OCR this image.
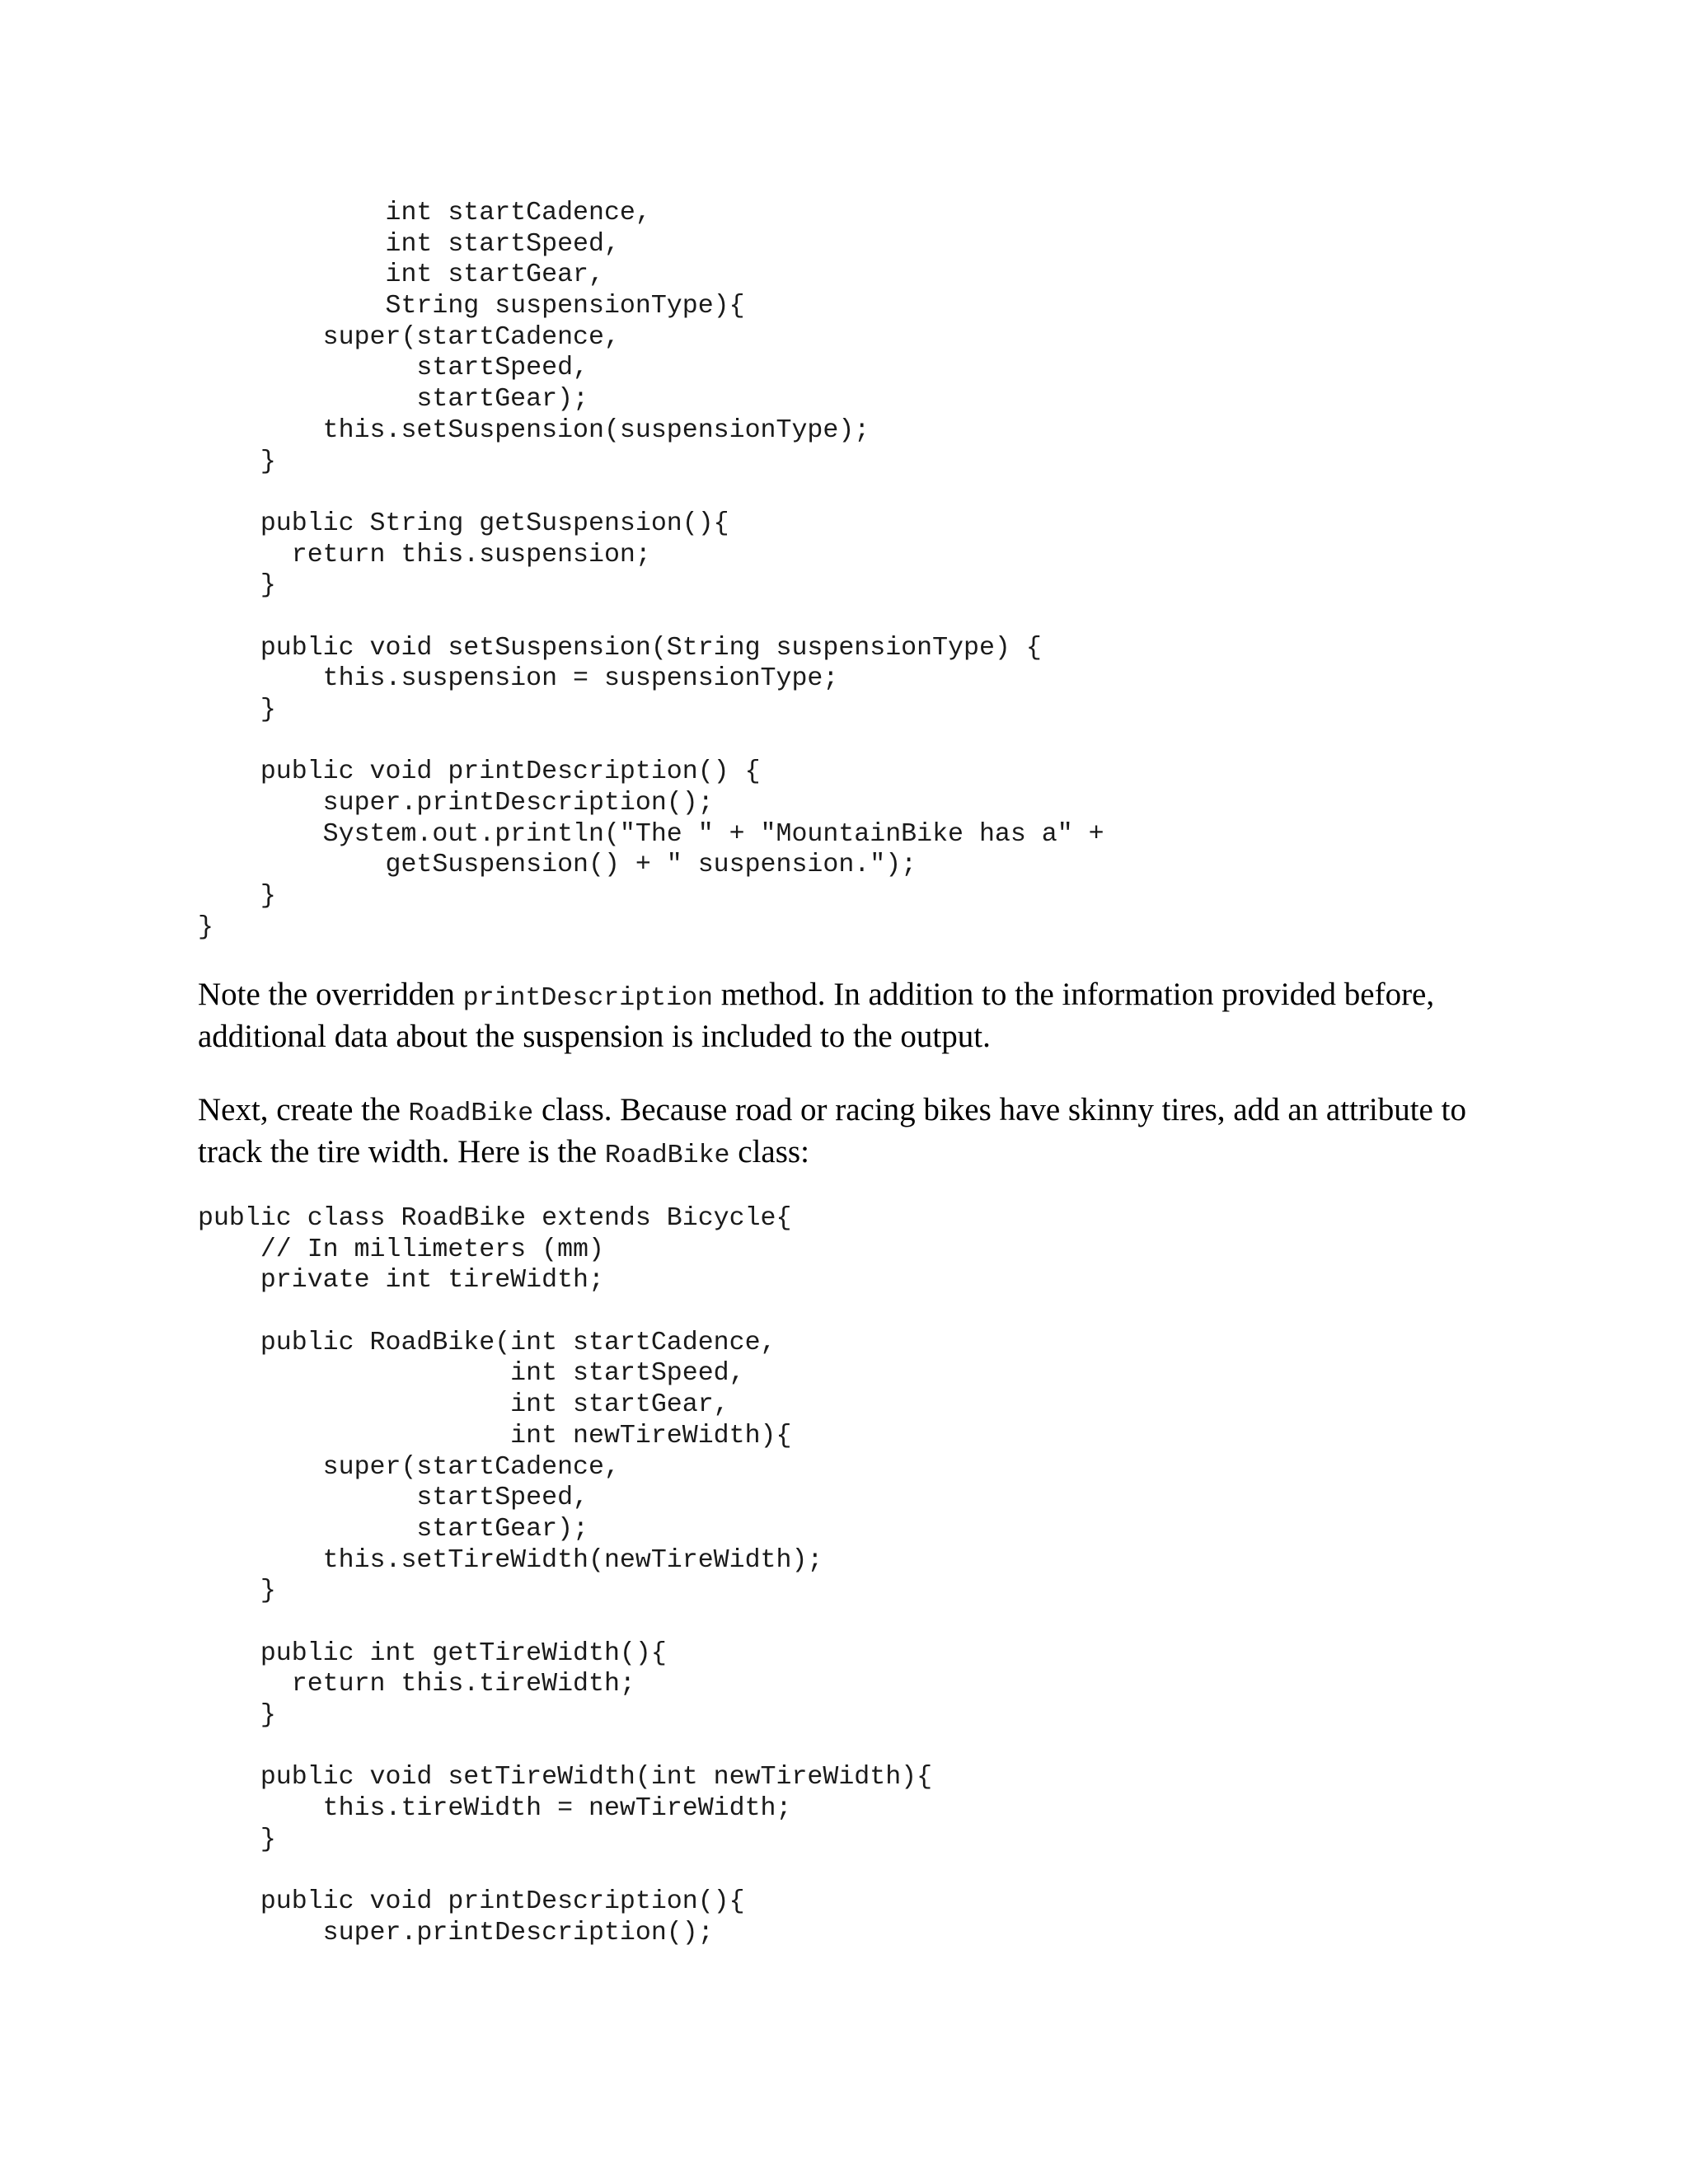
int startCadence,
int startSpeed,
int startGear,
String suspensionType){
super(startCadence,
startSpeed,
startGear);
this.setSuspension(suspensionType);
}
public String getSuspension(){
return this.suspension;
}
public void setSuspension(String suspensionType) {
this.suspension = suspensionType;
}
public void printDescription() {
super.printDescription();
System.out.println("The " + "MountainBike has a" +
getSuspension() + " suspension.");
}
}

Note the overridden printDescription method. In addition to the information provided before, additional data about the suspension is included to the output.

Next, create the RoadBike class. Because road or racing bikes have skinny tires, add an attribute to track the tire width. Here is the RoadBike class:

public class RoadBike extends Bicycle{
// In millimeters (mm)
private int tireWidth;
public RoadBike(int startCadence,
int startSpeed,
int startGear,
int newTireWidth){
super(startCadence,
startSpeed,
startGear);
this.setTireWidth(newTireWidth);
}
public int getTireWidth(){
return this.tireWidth;
}
public void setTireWidth(int newTireWidth){
this.tireWidth = newTireWidth;
}
public void printDescription(){
super.printDescription();
